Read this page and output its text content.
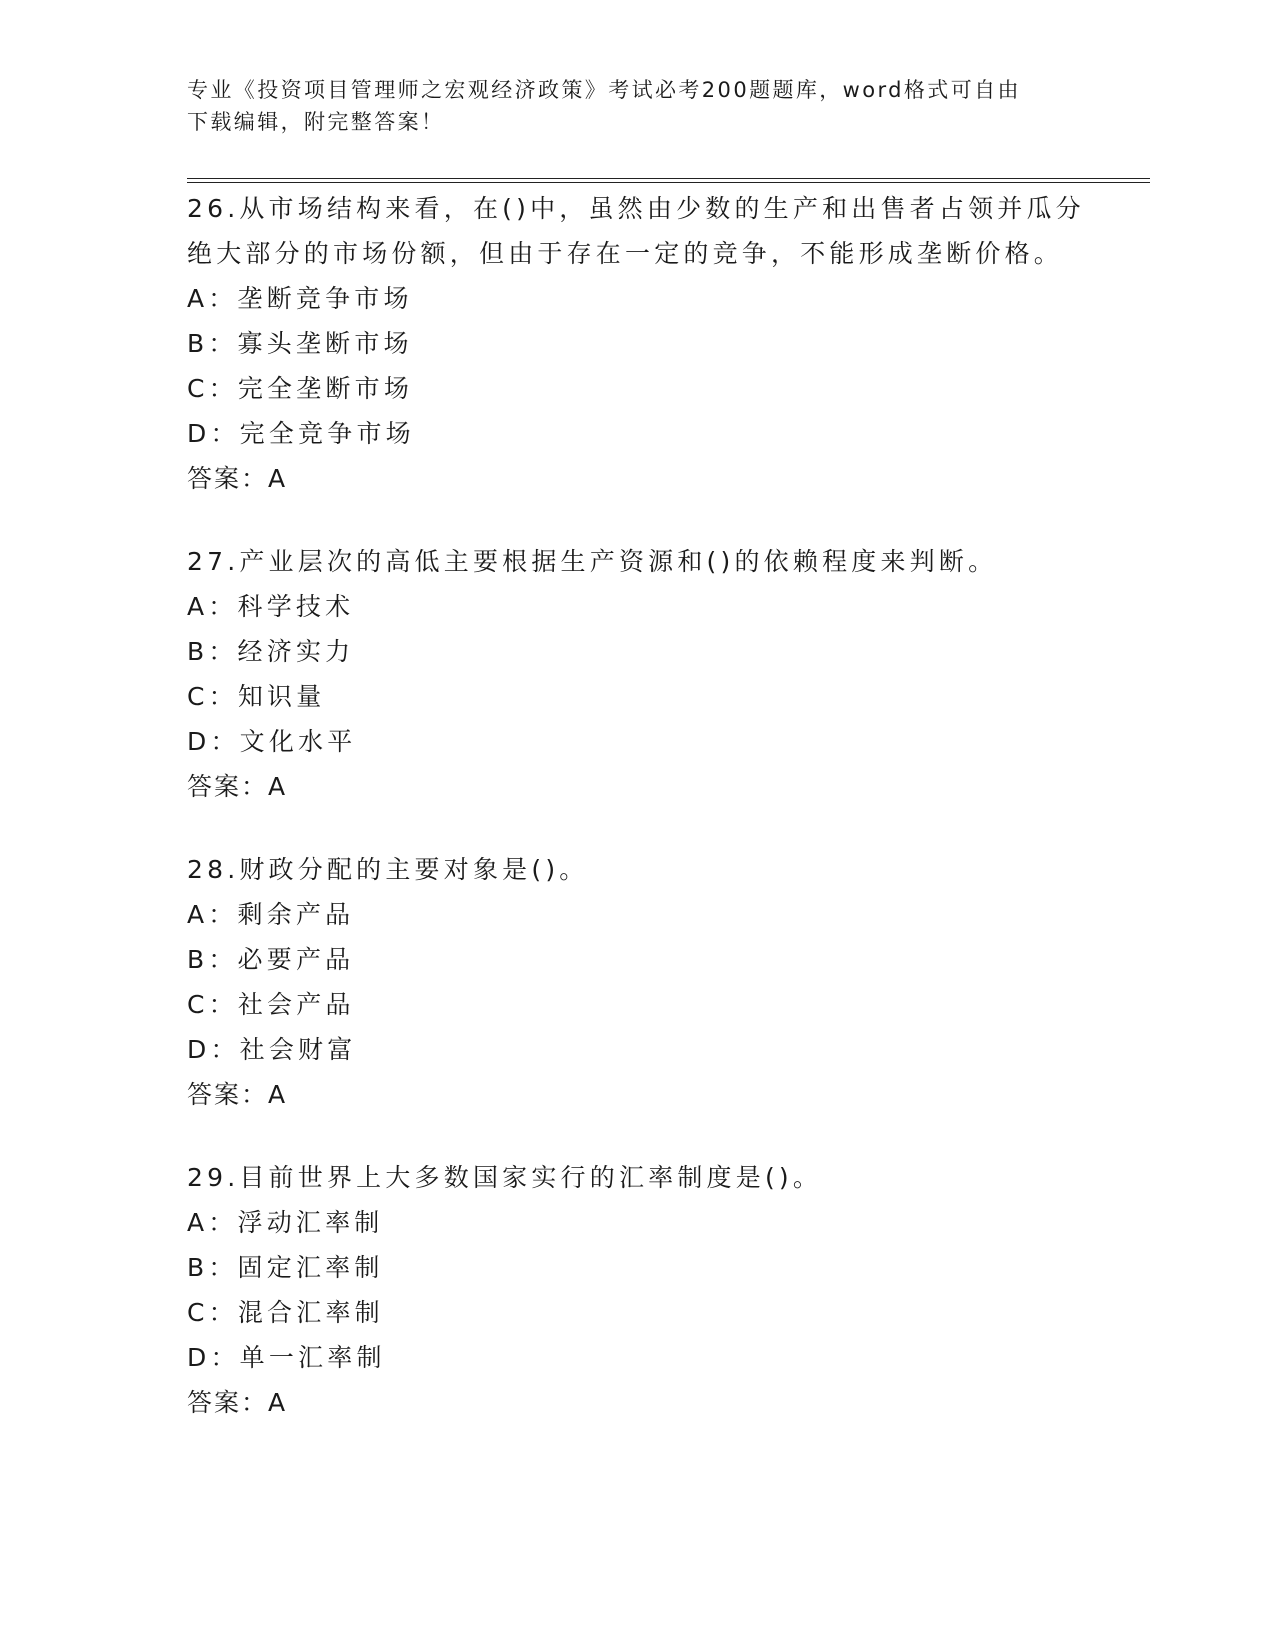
专业《投资项目管理师之宏观经济政策》考试必考200题题库，word格式可自由
下载编辑，附完整答案！
26.从市场结构来看，在()中，虽然由少数的生产和出售者占领并瓜分
绝大部分的市场份额，但由于存在一定的竞争，不能形成垄断价格。
A：垄断竞争市场
B：寡头垄断市场
C：完全垄断市场
D：完全竞争市场
答案：A
27.产业层次的高低主要根据生产资源和()的依赖程度来判断。
A：科学技术
B：经济实力
C：知识量
D：文化水平
答案：A
28.财政分配的主要对象是()。
A：剩余产品
B：必要产品
C：社会产品
D：社会财富
答案：A
29.目前世界上大多数国家实行的汇率制度是()。
A：浮动汇率制
B：固定汇率制
C：混合汇率制
D：单一汇率制
答案：A
